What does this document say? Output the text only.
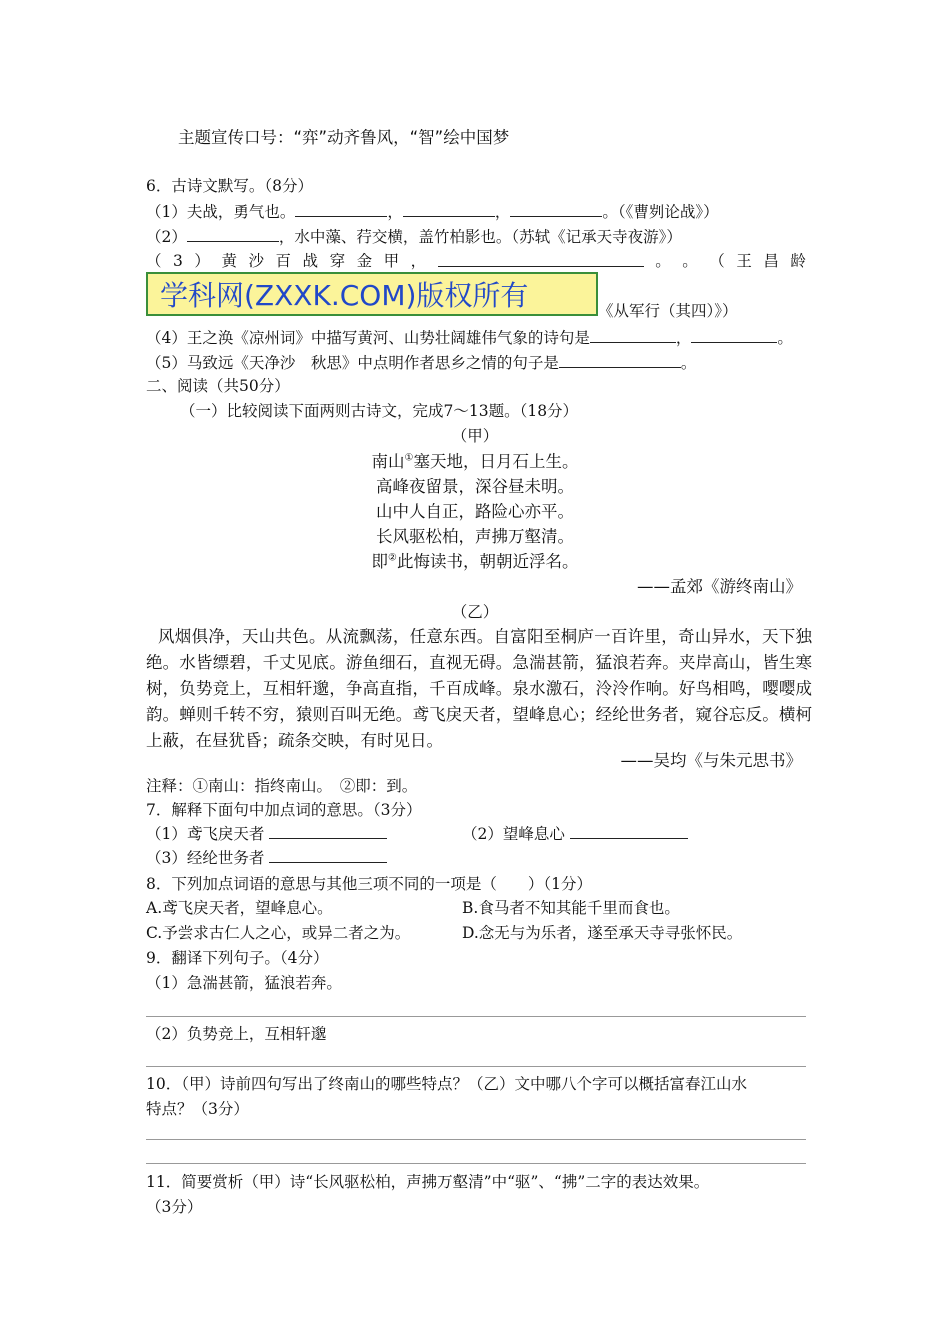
主题宣传口号：“弈”动齐鲁风，“智”绘中国梦
6．古诗文默写。（8分）
（1）夫战，勇气也。	，	，	。（《曹刿论战》）
（2）	，水中藻、荇交横，盖竹柏影也。（苏轼《记承天寺夜游》）
（ 3 ） 黄 沙 百 战 穿 金 甲 ，	。 。 （ 王 昌 龄
学科网(ZXXK.COM)版权所有	《从军行（其四）》）
（4）王之涣《凉州词》中描写黄河、山势壮阔雄伟气象的诗句是	，	。
（5）马致远《天净沙　秋思》中点明作者思乡之情的句子是	。
二、阅读（共50分）
（一）比较阅读下面两则古诗文，完成7～13题。（18分）
（甲）
南山①塞天地，日月石上生。
高峰夜留景，深谷昼未明。
山中人自正，路险心亦平。
长风驱松柏，声拂万壑清。
即②此悔读书，朝朝近浮名。
——孟郊《游终南山》
（乙）
风烟俱净，天山共色。从流飘荡，任意东西。自富阳至桐庐一百许里，奇山异水，天下独绝。水皆缥碧，千丈见底。游鱼细石，直视无碍。急湍甚箭，猛浪若奔。夹岸高山，皆生寒树，负势竞上，互相轩邈，争高直指，千百成峰。泉水激石，泠泠作响。好鸟相鸣，嘤嘤成韵。蝉则千转不穷，猿则百叫无绝。鸢飞戾天者，望峰息心；经纶世务者，窥谷忘反。横柯上蔽，在昼犹昏；疏条交映，有时见日。
——吴均《与朱元思书》
注释：①南山：指终南山。　②即：到。
7．解释下面句中加点词的意思。（3分）
（1）鸢飞戾天者	（2）望峰息心
（3）经纶世务者
8．下列加点词语的意思与其他三项不同的一项是（　　）（1分）
A.鸢飞戾天者，望峰息心。	B.食马者不知其能千里而食也。
C.予尝求古仁人之心，或异二者之为。	D.念无与为乐者，遂至承天寺寻张怀民。
9．翻译下列句子。（4分）
（1）急湍甚箭，猛浪若奔。
（2）负势竞上，互相轩邈
10．（甲）诗前四句写出了终南山的哪些特点？（乙）文中哪八个字可以概括富春江山水
特点？（3分）
11．简要赏析（甲）诗“长风驱松柏，声拂万壑清”中“驱”、“拂”二字的表达效果。
（3分）
